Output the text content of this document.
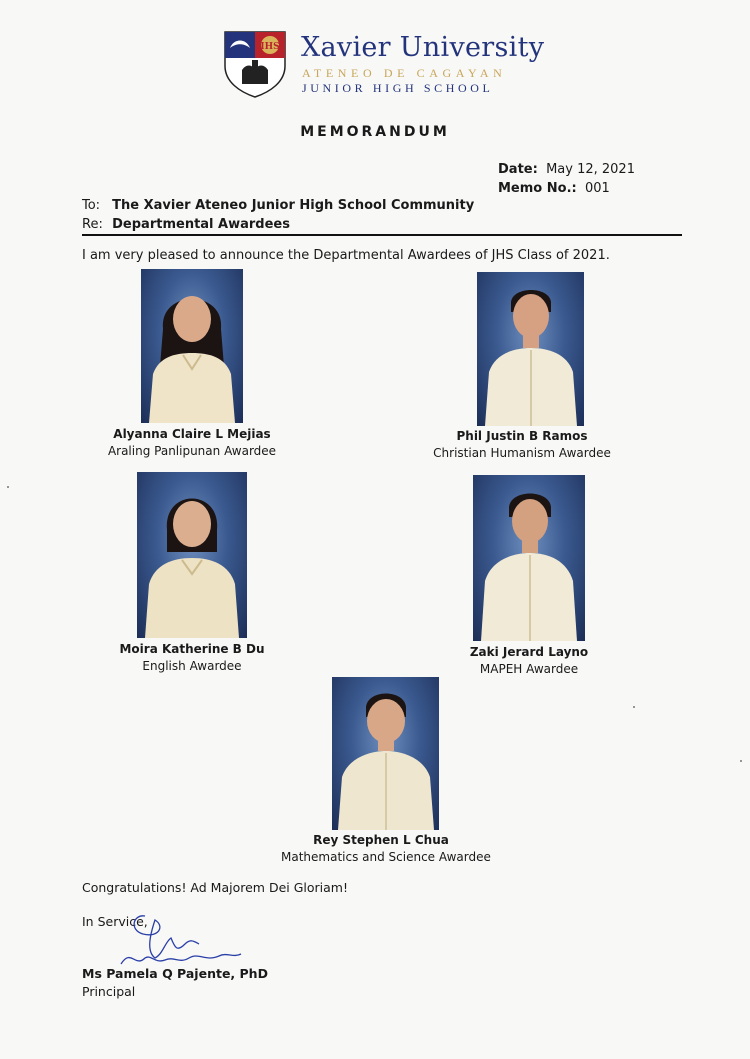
IHS Xavier University
ATENEO DE CAGAYAN
JUNIOR HIGH SCHOOL
MEMORANDUM
Date: May 12, 2021
Memo No.: 001
To: The Xavier Ateneo Junior High School Community
Re: Departmental Awardees
I am very pleased to announce the Departmental Awardees of JHS Class of 2021.
Alyanna Claire L Mejias
Araling Panlipunan Awardee
Phil Justin B Ramos
Christian Humanism Awardee
Moira Katherine B Du
English Awardee
Zaki Jerard Layno
MAPEH Awardee
Rey Stephen L Chua
Mathematics and Science Awardee
Congratulations! Ad Majorem Dei Gloriam!
In Service,
Ms Pamela Q Pajente, PhD
Principal
